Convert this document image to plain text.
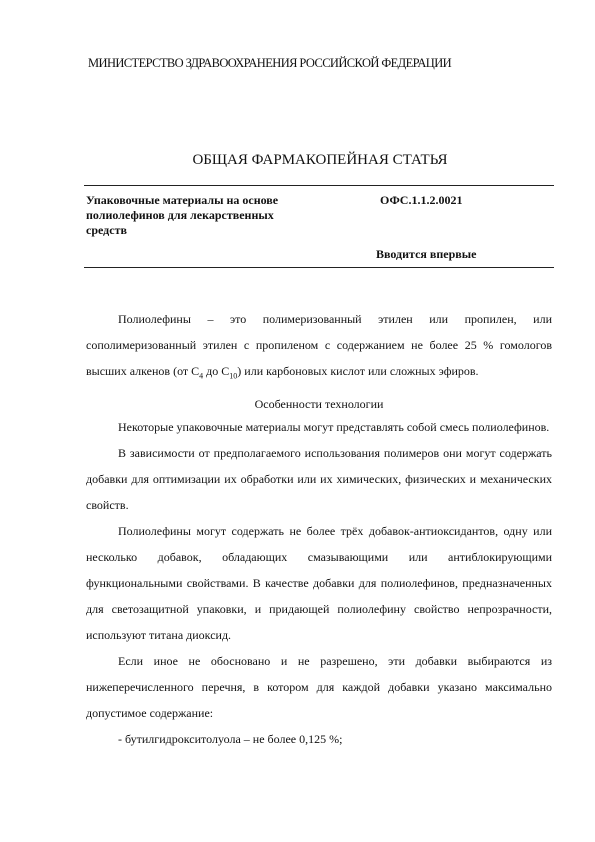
МИНИСТЕРСТВО ЗДРАВООХРАНЕНИЯ РОССИЙСКОЙ ФЕДЕРАЦИИ
ОБЩАЯ ФАРМАКОПЕЙНАЯ СТАТЬЯ
Упаковочные материалы на основе
полиолефинов для лекарственных
средств
ОФС.1.1.2.0021
Вводится впервые

Полиолефины – это полимеризованный этилен или пропилен, или сополимеризованный этилен с пропиленом с содержанием не более 25 % гомологов высших алкенов (от $С_4$ до $С_{10}$) или карбоновых кислот или сложных эфиров.

Особенности технологии

Некоторые упаковочные материалы могут представлять собой смесь полиолефинов.

В зависимости от предполагаемого использования полимеров они могут содержать добавки для оптимизации их обработки или их химических, физических и механических свойств.

Полиолефины могут содержать не более трёх добавок-антиоксидантов, одну или несколько добавок, обладающих смазывающими или антиблокирующими функциональными свойствами. В качестве добавки для полиолефинов, предназначенных для светозащитной упаковки, и придающей полиолефину свойство непрозрачности, используют титана диоксид.

Если иное не обосновано и не разрешено, эти добавки выбираются из нижеперечисленного перечня, в котором для каждой добавки указано максимально допустимое содержание:

- бутилгидрокситолуола – не более 0,125 %;
